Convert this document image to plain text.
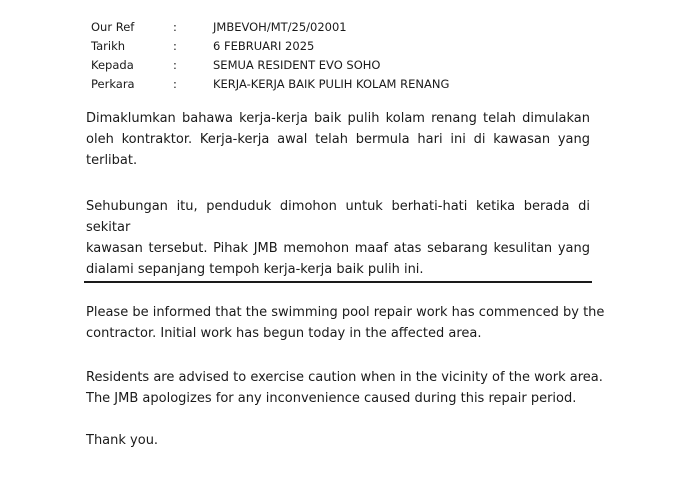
Our Ref	:	JMBEVOH/MT/25/02001
Tarikh	:	6 FEBRUARI 2025
Kepada	:	SEMUA RESIDENT EVO SOHO
Perkara	:	KERJA-KERJA BAIK PULIH KOLAM RENANG

Dimaklumkan bahawa kerja-kerja baik pulih kolam renang telah dimulakan
oleh kontraktor. Kerja-kerja awal telah bermula hari ini di kawasan yang
terlibat.

Sehubungan itu, penduduk dimohon untuk berhati-hati ketika berada di sekitar
kawasan tersebut. Pihak JMB memohon maaf atas sebarang kesulitan yang
dialami sepanjang tempoh kerja-kerja baik pulih ini.

Please be informed that the swimming pool repair work has commenced by the
contractor. Initial work has begun today in the affected area.

Residents are advised to exercise caution when in the vicinity of the work area.
The JMB apologizes for any inconvenience caused during this repair period.

Thank you.
